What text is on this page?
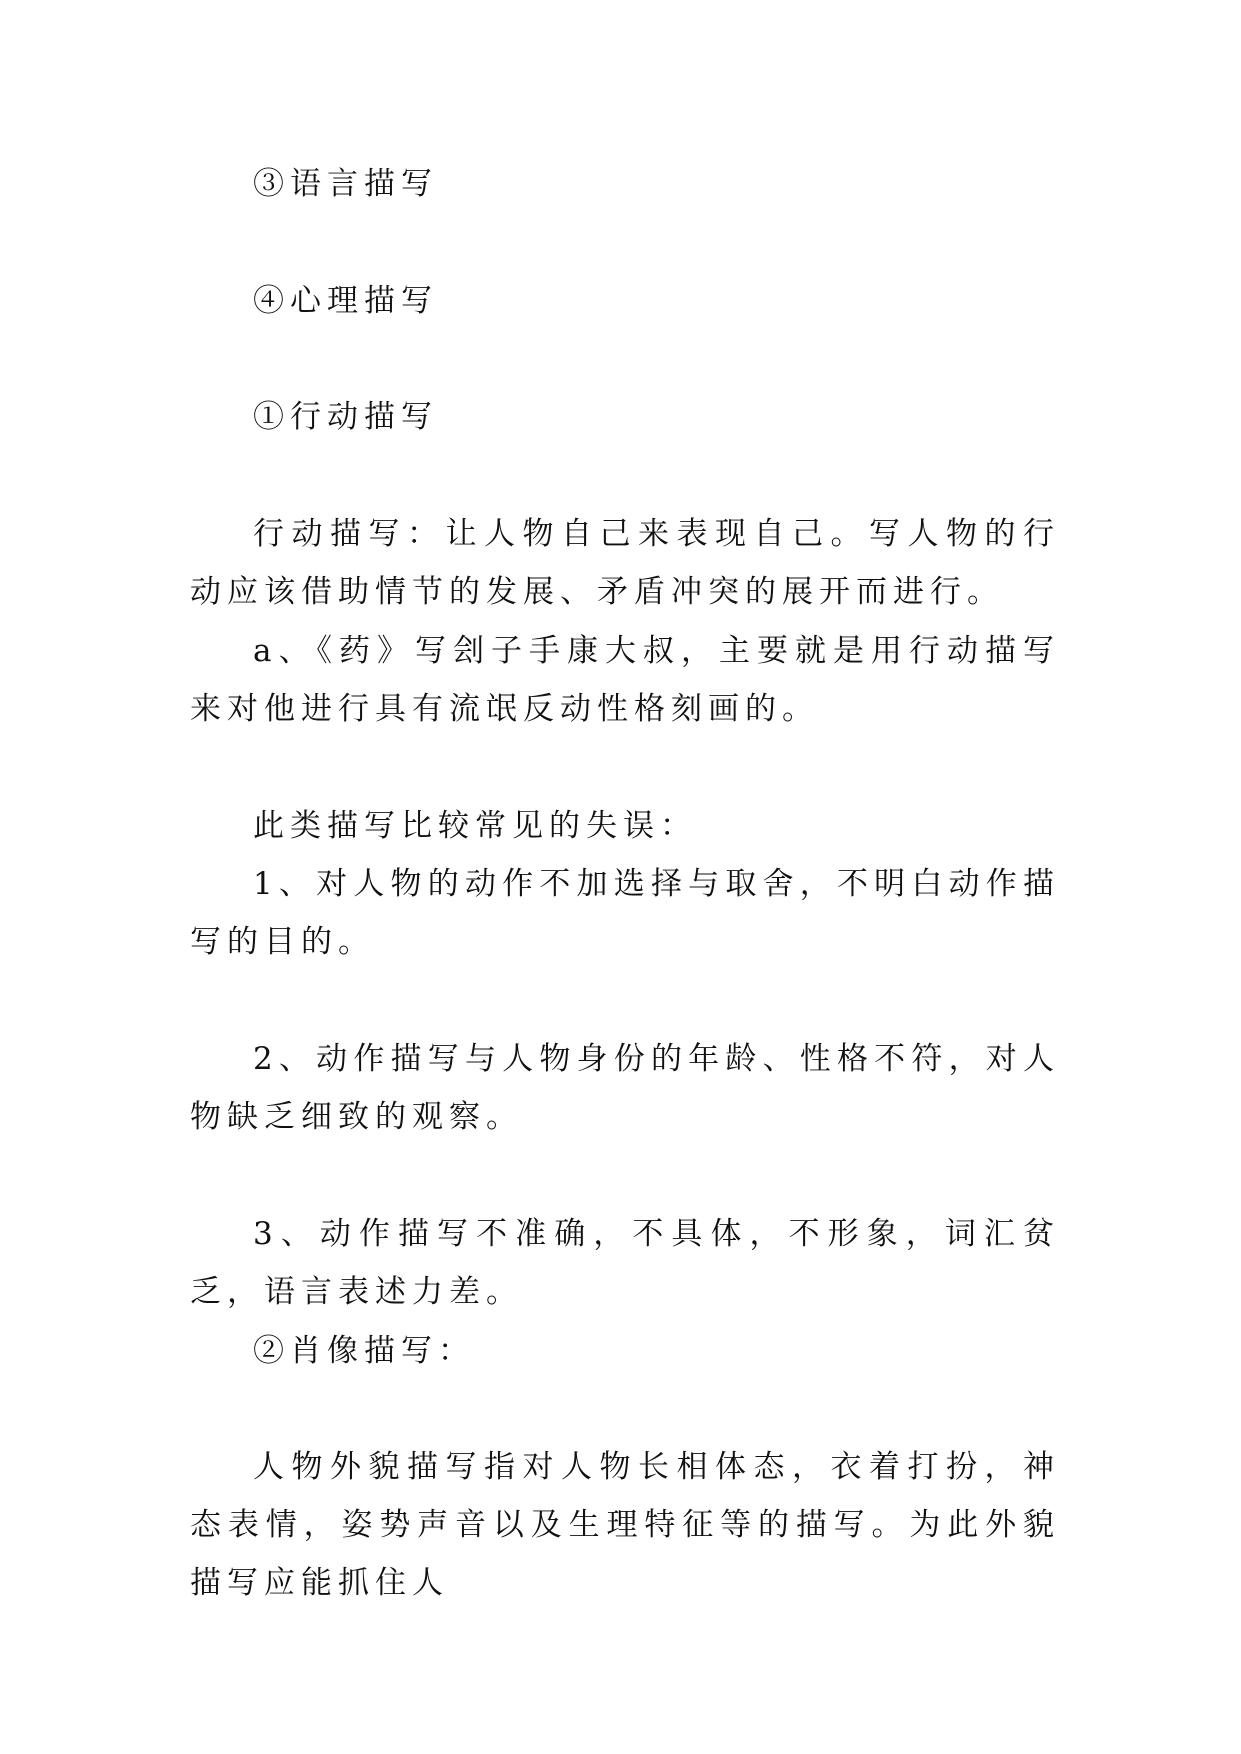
③语言描写

④心理描写

①行动描写

行动描写：让人物自己来表现自己。写人物的行动应该借助情节的发展、矛盾冲突的展开而进行。

a、《药》写刽子手康大叔，主要就是用行动描写来对他进行具有流氓反动性格刻画的。

此类描写比较常见的失误：

1、对人物的动作不加选择与取舍，不明白动作描写的目的。

2、动作描写与人物身份的年龄、性格不符，对人物缺乏细致的观察。

3、动作描写不准确，不具体，不形象，词汇贫乏，语言表述力差。

②肖像描写：

人物外貌描写指对人物长相体态，衣着打扮，神态表情，姿势声音以及生理特征等的描写。为此外貌描写应能抓住人
